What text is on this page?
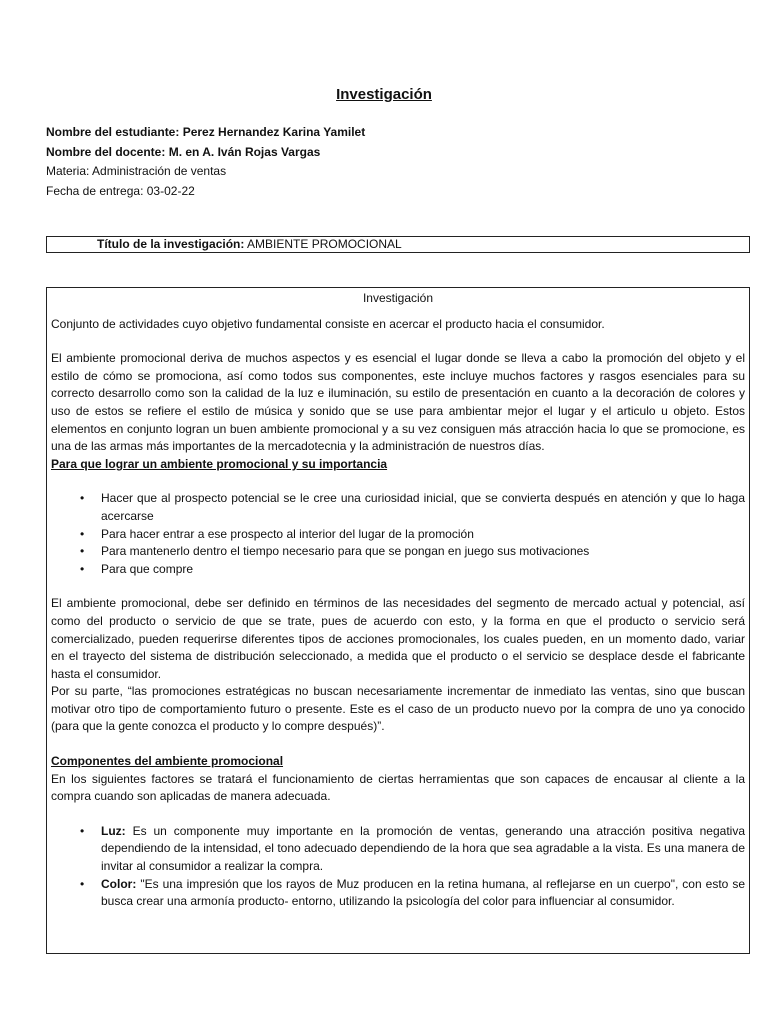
Investigación
Nombre del estudiante: Perez Hernandez Karina Yamilet
Nombre del docente: M. en A. Iván Rojas Vargas
Materia: Administración de ventas
Fecha de entrega: 03-02-22
Título de la investigación: AMBIENTE PROMOCIONAL

Investigación

Conjunto de actividades cuyo objetivo fundamental consiste en acercar el producto hacia el consumidor.

El ambiente promocional deriva de muchos aspectos y es esencial el lugar donde se lleva a cabo la promoción del objeto y el estilo de cómo se promociona, así como todos sus componentes, este incluye muchos factores y rasgos esenciales para su correcto desarrollo como son la calidad de la luz e iluminación, su estilo de presentación en cuanto a la decoración de colores y uso de estos se refiere el estilo de música y sonido que se use para ambientar mejor el lugar y el articulo u objeto. Estos elementos en conjunto logran un buen ambiente promocional y a su vez consiguen más atracción hacia lo que se promocione, es una de las armas más importantes de la mercadotecnia y la administración de nuestros días.

Para que lograr un ambiente promocional y su importancia

• Hacer que al prospecto potencial se le cree una curiosidad inicial, que se convierta después en atención y que lo haga acercarse
• Para hacer entrar a ese prospecto al interior del lugar de la promoción
• Para mantenerlo dentro el tiempo necesario para que se pongan en juego sus motivaciones
• Para que compre

El ambiente promocional, debe ser definido en términos de las necesidades del segmento de mercado actual y potencial, así como del producto o servicio de que se trate, pues de acuerdo con esto, y la forma en que el producto o servicio será comercializado, pueden requerirse diferentes tipos de acciones promocionales, los cuales pueden, en un momento dado, variar en el trayecto del sistema de distribución seleccionado, a medida que el producto o el servicio se desplace desde el fabricante hasta el consumidor.

Por su parte, “las promociones estratégicas no buscan necesariamente incrementar de inmediato las ventas, sino que buscan motivar otro tipo de comportamiento futuro o presente. Este es el caso de un producto nuevo por la compra de uno ya conocido (para que la gente conozca el producto y lo compre después)”.

Componentes del ambiente promocional

En los siguientes factores se tratará el funcionamiento de ciertas herramientas que son capaces de encausar al cliente a la compra cuando son aplicadas de manera adecuada.

• Luz: Es un componente muy importante en la promoción de ventas, generando una atracción positiva negativa dependiendo de la intensidad, el tono adecuado dependiendo de la hora que sea agradable a la vista. Es una manera de invitar al consumidor a realizar la compra.
• Color: "Es una impresión que los rayos de Muz producen en la retina humana, al reflejarse en un cuerpo", con esto se busca crear una armonía producto- entorno, utilizando la psicología del color para influenciar al consumidor.
